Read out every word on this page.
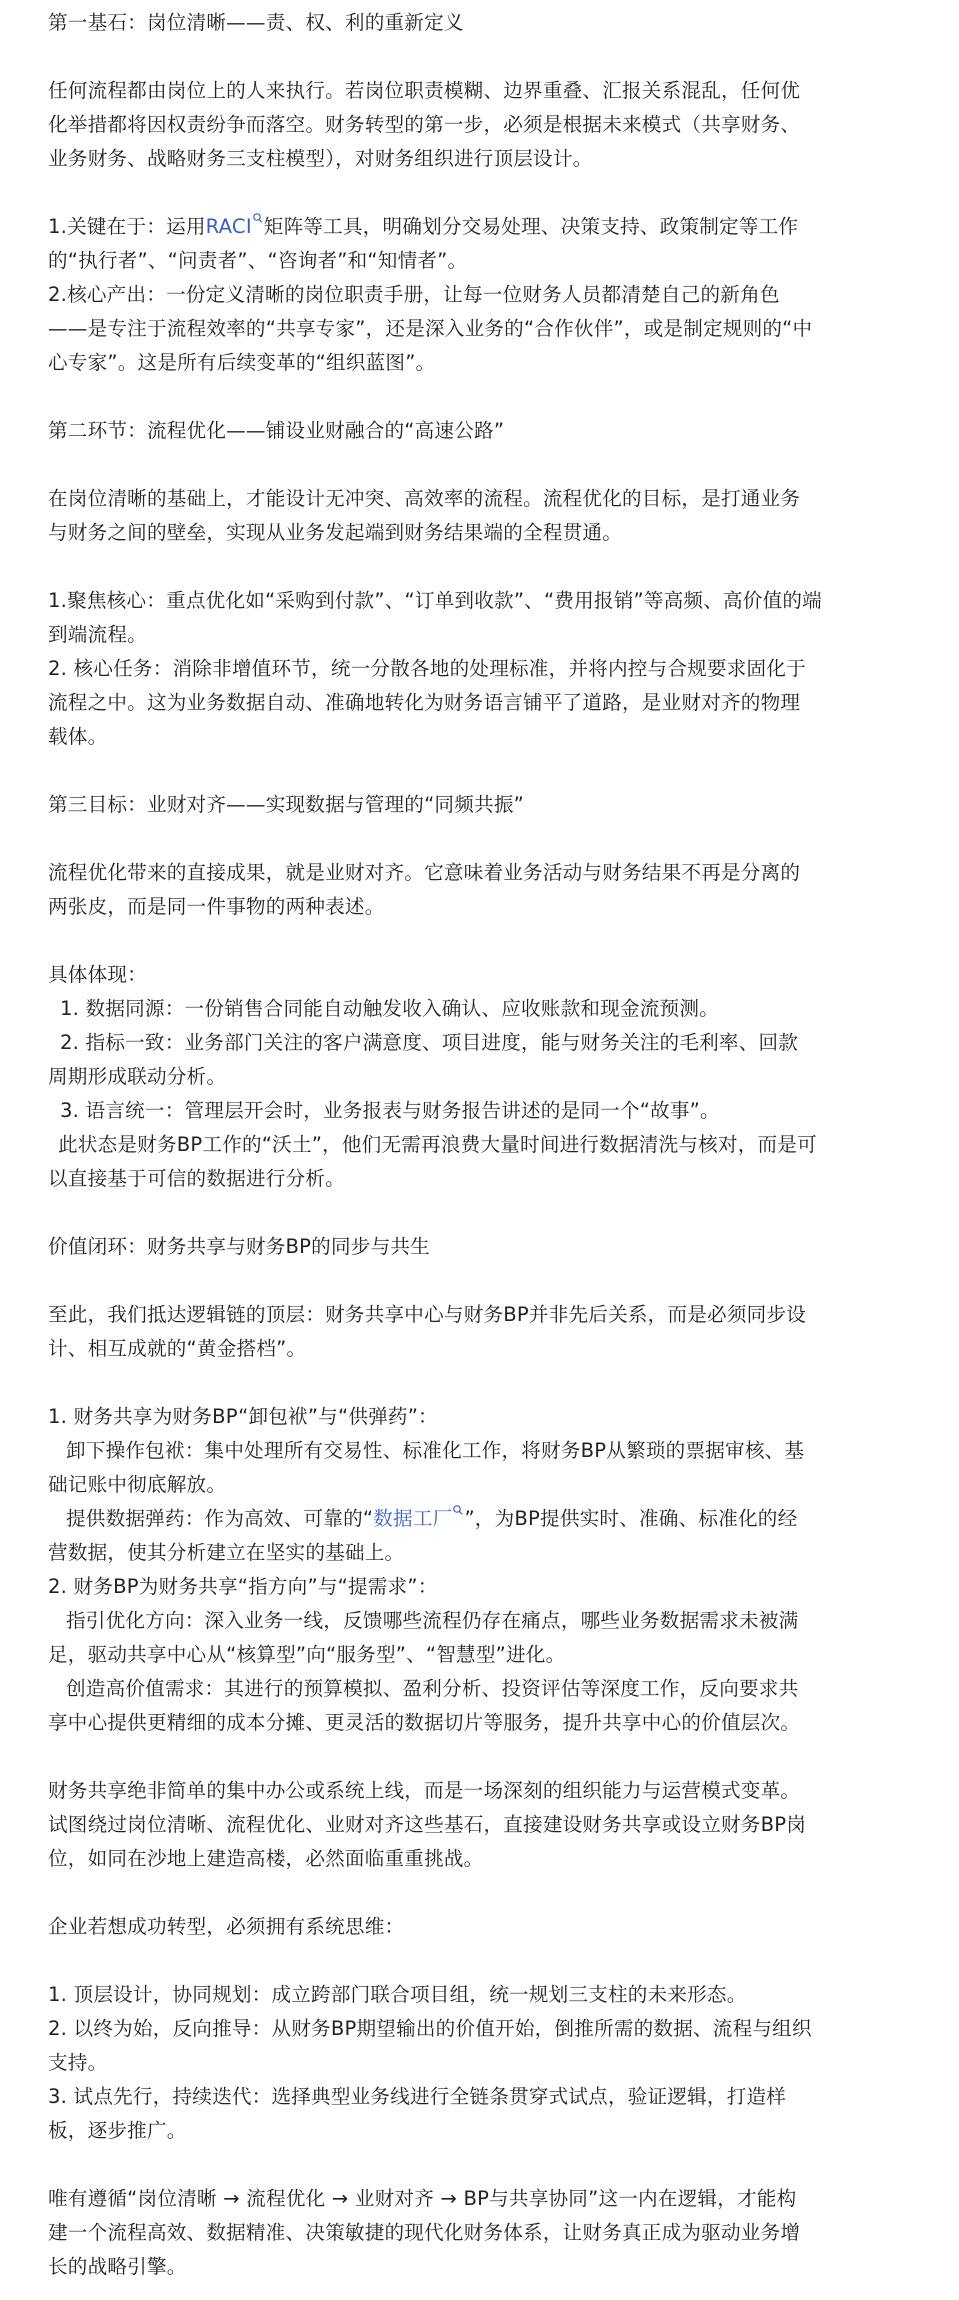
第一基石：岗位清晰——责、权、利的重新定义
任何流程都由岗位上的人来执行。若岗位职责模糊、边界重叠、汇报关系混乱，任何优
化举措都将因权责纷争而落空。财务转型的第一步，必须是根据未来模式（共享财务、
业务财务、战略财务三支柱模型），对财务组织进行顶层设计。
1.关键在于：运用RACI 矩阵等工具，明确划分交易处理、决策支持、政策制定等工作
的“执行者”、“问责者”、“咨询者”和“知情者”。
2.核心产出：一份定义清晰的岗位职责手册，让每一位财务人员都清楚自己的新角色
——是专注于流程效率的“共享专家”，还是深入业务的“合作伙伴”，或是制定规则的“中
心专家”。这是所有后续变革的“组织蓝图”。
第二环节：流程优化——铺设业财融合的“高速公路”
在岗位清晰的基础上，才能设计无冲突、高效率的流程。流程优化的目标，是打通业务
与财务之间的壁垒，实现从业务发起端到财务结果端的全程贯通。
1.聚焦核心：重点优化如“采购到付款”、“订单到收款”、“费用报销”等高频、高价值的端
到端流程。
2. 核心任务：消除非增值环节，统一分散各地的处理标准，并将内控与合规要求固化于
流程之中。这为业务数据自动、准确地转化为财务语言铺平了道路，是业财对齐的物理
载体。
第三目标：业财对齐——实现数据与管理的“同频共振”
流程优化带来的直接成果，就是业财对齐。它意味着业务活动与财务结果不再是分离的
两张皮，而是同一件事物的两种表述。
具体体现：
1. 数据同源：一份销售合同能自动触发收入确认、应收账款和现金流预测。
2. 指标一致：业务部门关注的客户满意度、项目进度，能与财务关注的毛利率、回款
周期形成联动分析。
3. 语言统一：管理层开会时，业务报表与财务报告讲述的是同一个“故事”。
此状态是财务BP工作的“沃土”，他们无需再浪费大量时间进行数据清洗与核对，而是可
以直接基于可信的数据进行分析。
价值闭环：财务共享与财务BP的同步与共生
至此，我们抵达逻辑链的顶层：财务共享中心与财务BP并非先后关系，而是必须同步设
计、相互成就的“黄金搭档”。
1. 财务共享为财务BP“卸包袱”与“供弹药”：
卸下操作包袱：集中处理所有交易性、标准化工作，将财务BP从繁琐的票据审核、基
础记账中彻底解放。
提供数据弹药：作为高效、可靠的“数据工厂 ”，为BP提供实时、准确、标准化的经
营数据，使其分析建立在坚实的基础上。
2. 财务BP为财务共享“指方向”与“提需求”：
指引优化方向：深入业务一线，反馈哪些流程仍存在痛点，哪些业务数据需求未被满
足，驱动共享中心从“核算型”向“服务型”、“智慧型”进化。
创造高价值需求：其进行的预算模拟、盈利分析、投资评估等深度工作，反向要求共
享中心提供更精细的成本分摊、更灵活的数据切片等服务，提升共享中心的价值层次。
财务共享绝非简单的集中办公或系统上线，而是一场深刻的组织能力与运营模式变革。
试图绕过岗位清晰、流程优化、业财对齐这些基石，直接建设财务共享或设立财务BP岗
位，如同在沙地上建造高楼，必然面临重重挑战。
企业若想成功转型，必须拥有系统思维：
1. 顶层设计，协同规划：成立跨部门联合项目组，统一规划三支柱的未来形态。
2. 以终为始，反向推导：从财务BP期望输出的价值开始，倒推所需的数据、流程与组织
支持。
3. 试点先行，持续迭代：选择典型业务线进行全链条贯穿式试点，验证逻辑，打造样
板，逐步推广。
唯有遵循“岗位清晰 → 流程优化 → 业财对齐 → BP与共享协同”这一内在逻辑，才能构
建一个流程高效、数据精准、决策敏捷的现代化财务体系，让财务真正成为驱动业务增
长的战略引擎。
